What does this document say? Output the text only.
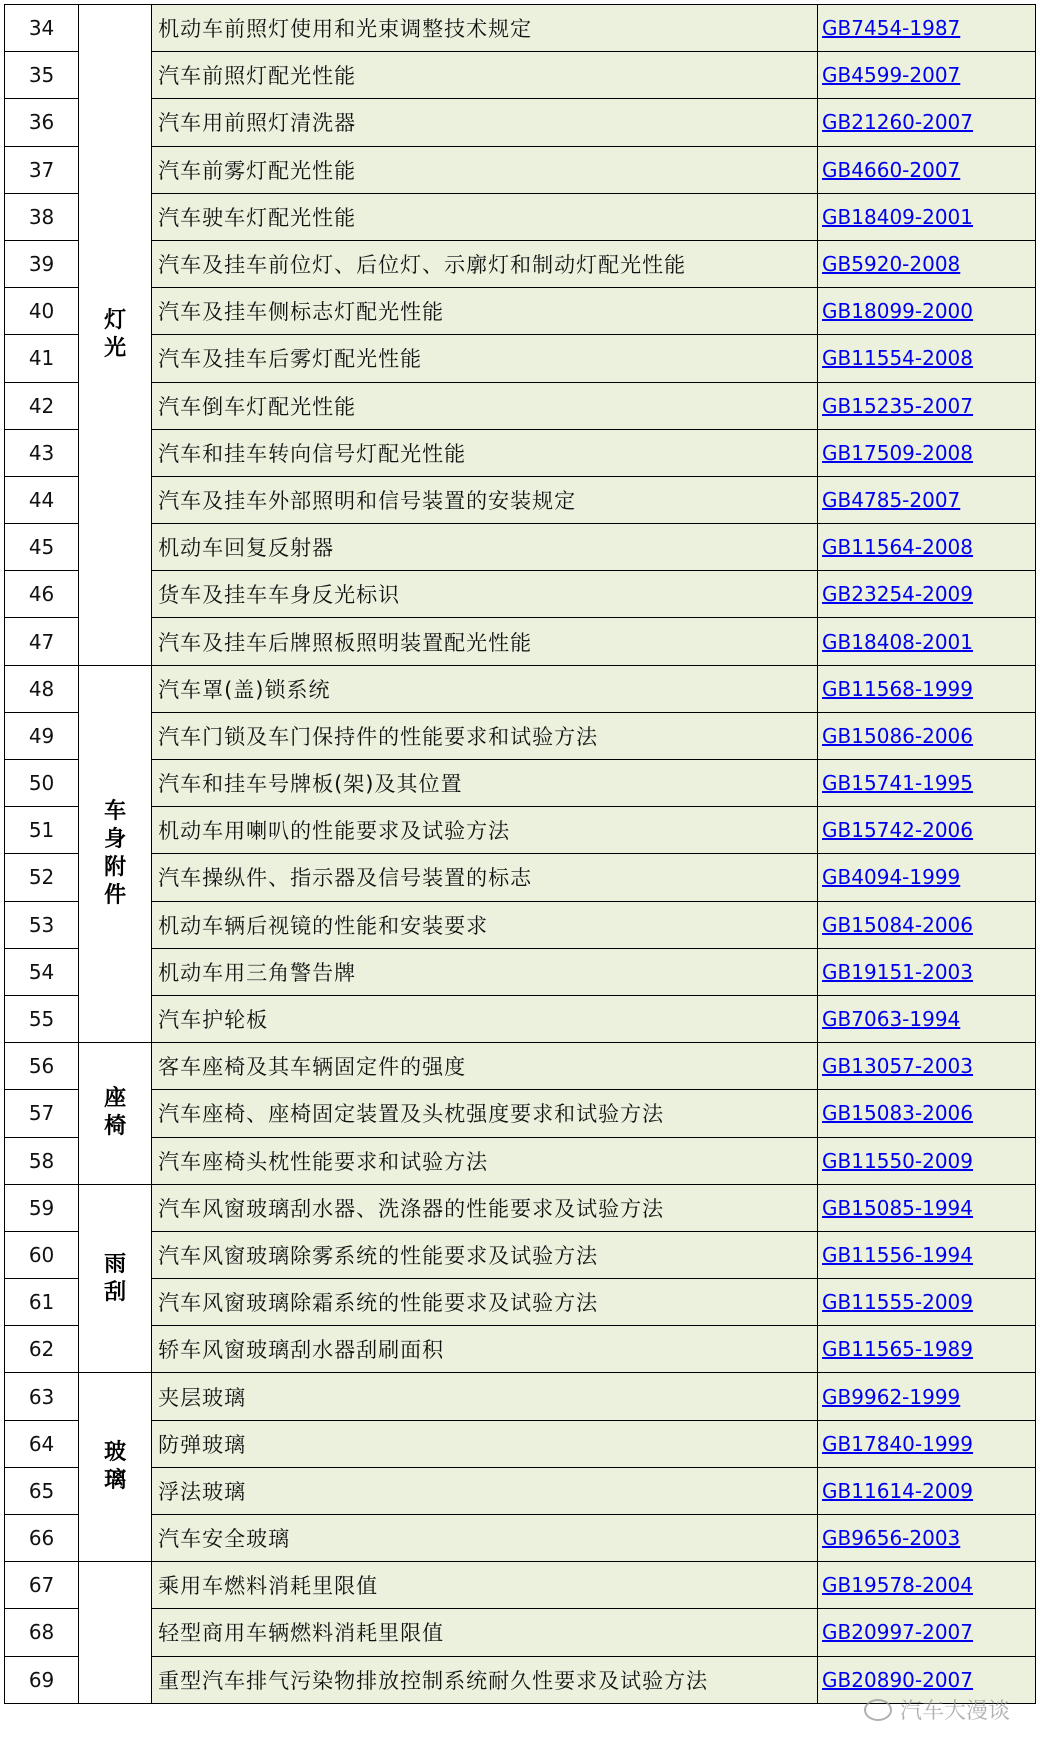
34	灯光	机动车前照灯使用和光束调整技术规定	GB7454-1987
35		汽车前照灯配光性能	GB4599-2007
36		汽车用前照灯清洗器	GB21260-2007
37		汽车前雾灯配光性能	GB4660-2007
38		汽车驶车灯配光性能	GB18409-2001
39		汽车及挂车前位灯、后位灯、示廓灯和制动灯配光性能	GB5920-2008
40		汽车及挂车侧标志灯配光性能	GB18099-2000
41		汽车及挂车后雾灯配光性能	GB11554-2008
42		汽车倒车灯配光性能	GB15235-2007
43		汽车和挂车转向信号灯配光性能	GB17509-2008
44		汽车及挂车外部照明和信号装置的安装规定	GB4785-2007
45		机动车回复反射器	GB11564-2008
46		货车及挂车车身反光标识	GB23254-2009
47		汽车及挂车后牌照板照明装置配光性能	GB18408-2001
48	车身附件	汽车罩(盖)锁系统	GB11568-1999
49		汽车门锁及车门保持件的性能要求和试验方法	GB15086-2006
50		汽车和挂车号牌板(架)及其位置	GB15741-1995
51		机动车用喇叭的性能要求及试验方法	GB15742-2006
52		汽车操纵件、指示器及信号装置的标志	GB4094-1999
53		机动车辆后视镜的性能和安装要求	GB15084-2006
54		机动车用三角警告牌	GB19151-2003
55		汽车护轮板	GB7063-1994
56	座椅	客车座椅及其车辆固定件的强度	GB13057-2003
57		汽车座椅、座椅固定装置及头枕强度要求和试验方法	GB15083-2006
58		汽车座椅头枕性能要求和试验方法	GB11550-2009
59	雨刮	汽车风窗玻璃刮水器、洗涤器的性能要求及试验方法	GB15085-1994
60		汽车风窗玻璃除雾系统的性能要求及试验方法	GB11556-1994
61		汽车风窗玻璃除霜系统的性能要求及试验方法	GB11555-2009
62		轿车风窗玻璃刮水器刮刷面积	GB11565-1989
63	玻璃	夹层玻璃	GB9962-1999
64		防弹玻璃	GB17840-1999
65		浮法玻璃	GB11614-2009
66		汽车安全玻璃	GB9656-2003
67		乘用车燃料消耗里限值	GB19578-2004
68		轻型商用车辆燃料消耗里限值	GB20997-2007
69		重型汽车排气污染物排放控制系统耐久性要求及试验方法	GB20890-2007
汽车大漫谈
